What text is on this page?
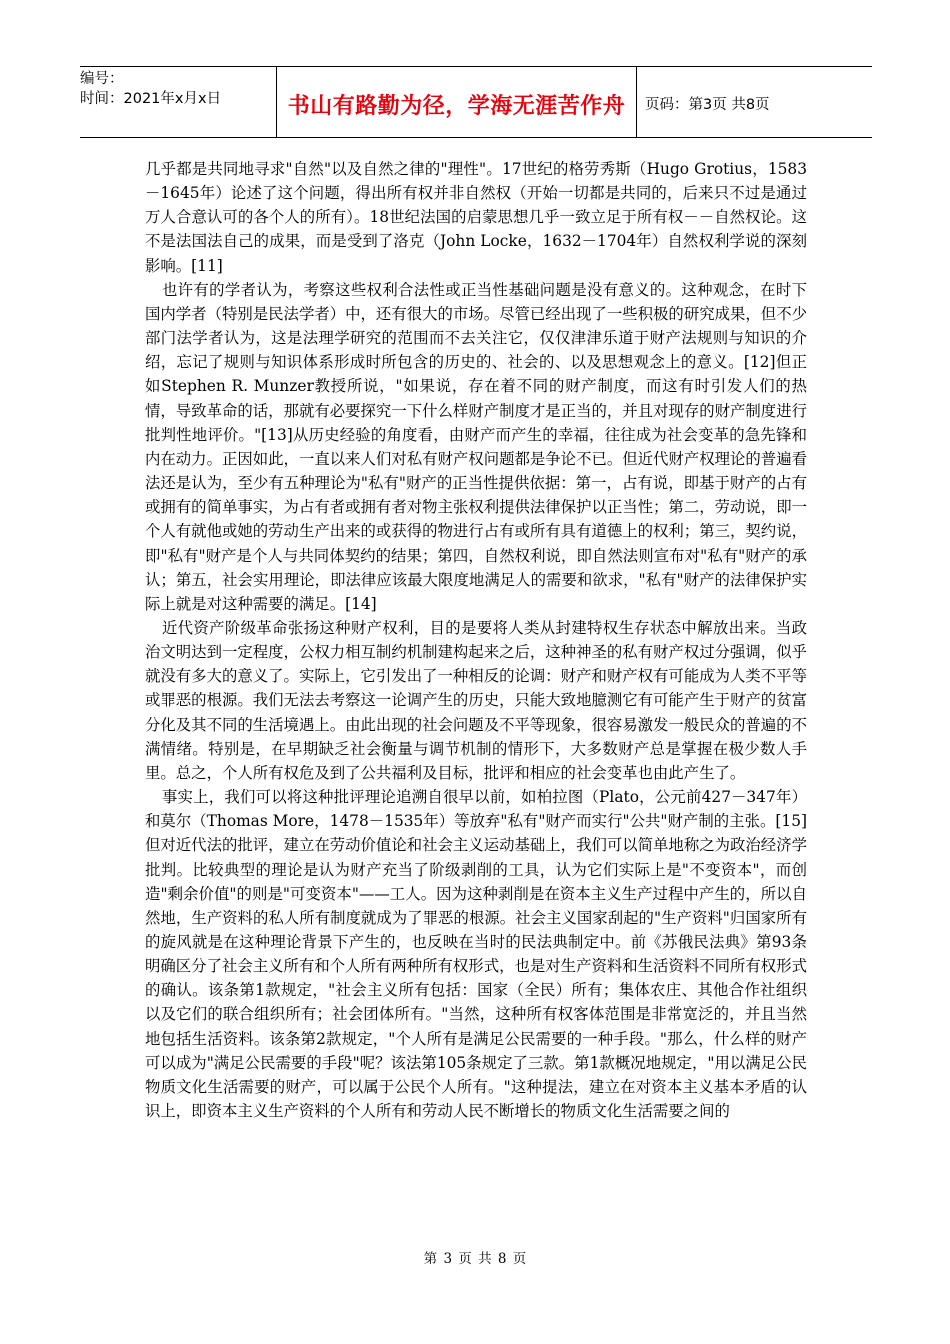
编号：
时间：2021年x月x日	书山有路勤为径，学海无涯苦作舟 页码：第3页 共8页

几乎都是共同地寻求"自然"以及自然之律的"理性"。17世纪的格劳秀斯（Hugo Grotius，1583－1645年）论述了这个问题，得出所有权并非自然权（开始一切都是共同的，后来只不过是通过万人合意认可的各个人的所有）。18世纪法国的启蒙思想几乎一致立足于所有权－－自然权论。这不是法国法自己的成果，而是受到了洛克（John Locke，1632－1704年）自然权利学说的深刻影响。[11]

也许有的学者认为，考察这些权利合法性或正当性基础问题是没有意义的。这种观念，在时下国内学者（特别是民法学者）中，还有很大的市场。尽管已经出现了一些积极的研究成果，但不少部门法学者认为，这是法理学研究的范围而不去关注它，仅仅津津乐道于财产法规则与知识的介绍，忘记了规则与知识体系形成时所包含的历史的、社会的、以及思想观念上的意义。[12]但正如Stephen R. Munzer教授所说，"如果说，存在着不同的财产制度，而这有时引发人们的热情，导致革命的话，那就有必要探究一下什么样财产制度才是正当的，并且对现存的财产制度进行批判性地评价。"[13]从历史经验的角度看，由财产而产生的幸福，往往成为社会变革的急先锋和内在动力。正因如此，一直以来人们对私有财产权问题都是争论不已。但近代财产权理论的普遍看法还是认为，至少有五种理论为"私有"财产的正当性提供依据：第一，占有说，即基于财产的占有或拥有的简单事实，为占有者或拥有者对物主张权利提供法律保护以正当性；第二，劳动说，即一个人有就他或她的劳动生产出来的或获得的物进行占有或所有具有道德上的权利；第三，契约说，即"私有"财产是个人与共同体契约的结果；第四，自然权利说，即自然法则宣布对"私有"财产的承认；第五，社会实用理论，即法律应该最大限度地满足人的需要和欲求，"私有"财产的法律保护实际上就是对这种需要的满足。[14]

近代资产阶级革命张扬这种财产权利，目的是要将人类从封建特权生存状态中解放出来。当政治文明达到一定程度，公权力相互制约机制建构起来之后，这种神圣的私有财产权过分强调，似乎就没有多大的意义了。实际上，它引发出了一种相反的论调：财产和财产权有可能成为人类不平等或罪恶的根源。我们无法去考察这一论调产生的历史，只能大致地臆测它有可能产生于财产的贫富分化及其不同的生活境遇上。由此出现的社会问题及不平等现象，很容易激发一般民众的普遍的不满情绪。特别是，在早期缺乏社会衡量与调节机制的情形下，大多数财产总是掌握在极少数人手里。总之，个人所有权危及到了公共福利及目标，批评和相应的社会变革也由此产生了。

事实上，我们可以将这种批评理论追溯自很早以前，如柏拉图（Plato，公元前427－347年）和莫尔（Thomas More，1478－1535年）等放弃"私有"财产而实行"公共"财产制的主张。[15]但对近代法的批评，建立在劳动价值论和社会主义运动基础上，我们可以简单地称之为政治经济学批判。比较典型的理论是认为财产充当了阶级剥削的工具，认为它们实际上是"不变资本"，而创造"剩余价值"的则是"可变资本"——工人。因为这种剥削是在资本主义生产过程中产生的，所以自然地，生产资料的私人所有制度就成为了罪恶的根源。社会主义国家刮起的"生产资料"归国家所有的旋风就是在这种理论背景下产生的，也反映在当时的民法典制定中。前《苏俄民法典》第93条明确区分了社会主义所有和个人所有两种所有权形式，也是对生产资料和生活资料不同所有权形式的确认。该条第1款规定，"社会主义所有包括：国家（全民）所有；集体农庄、其他合作社组织以及它们的联合组织所有；社会团体所有。"当然，这种所有权客体范围是非常宽泛的，并且当然地包括生活资料。该条第2款规定，"个人所有是满足公民需要的一种手段。"那么，什么样的财产可以成为"满足公民需要的手段"呢？该法第105条规定了三款。第1款概况地规定，"用以满足公民物质文化生活需要的财产，可以属于公民个人所有。"这种提法，建立在对资本主义基本矛盾的认识上，即资本主义生产资料的个人所有和劳动人民不断增长的物质文化生活需要之间的

第 3 页 共 8 页
